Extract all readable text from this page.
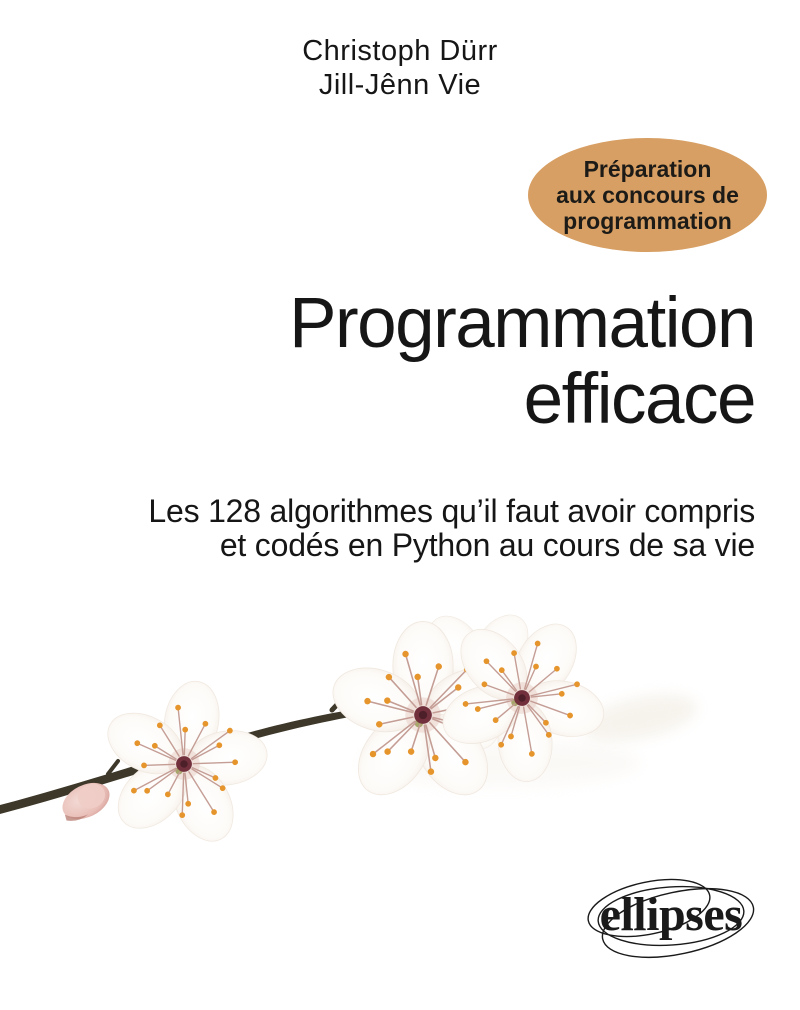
Christoph Dürr
Jill-Jênn Vie
Préparation
aux concours de
programmation
Programmation
efficace
Les 128 algorithmes qu’il faut avoir compris
et codés en Python au cours de sa vie
ellipses
